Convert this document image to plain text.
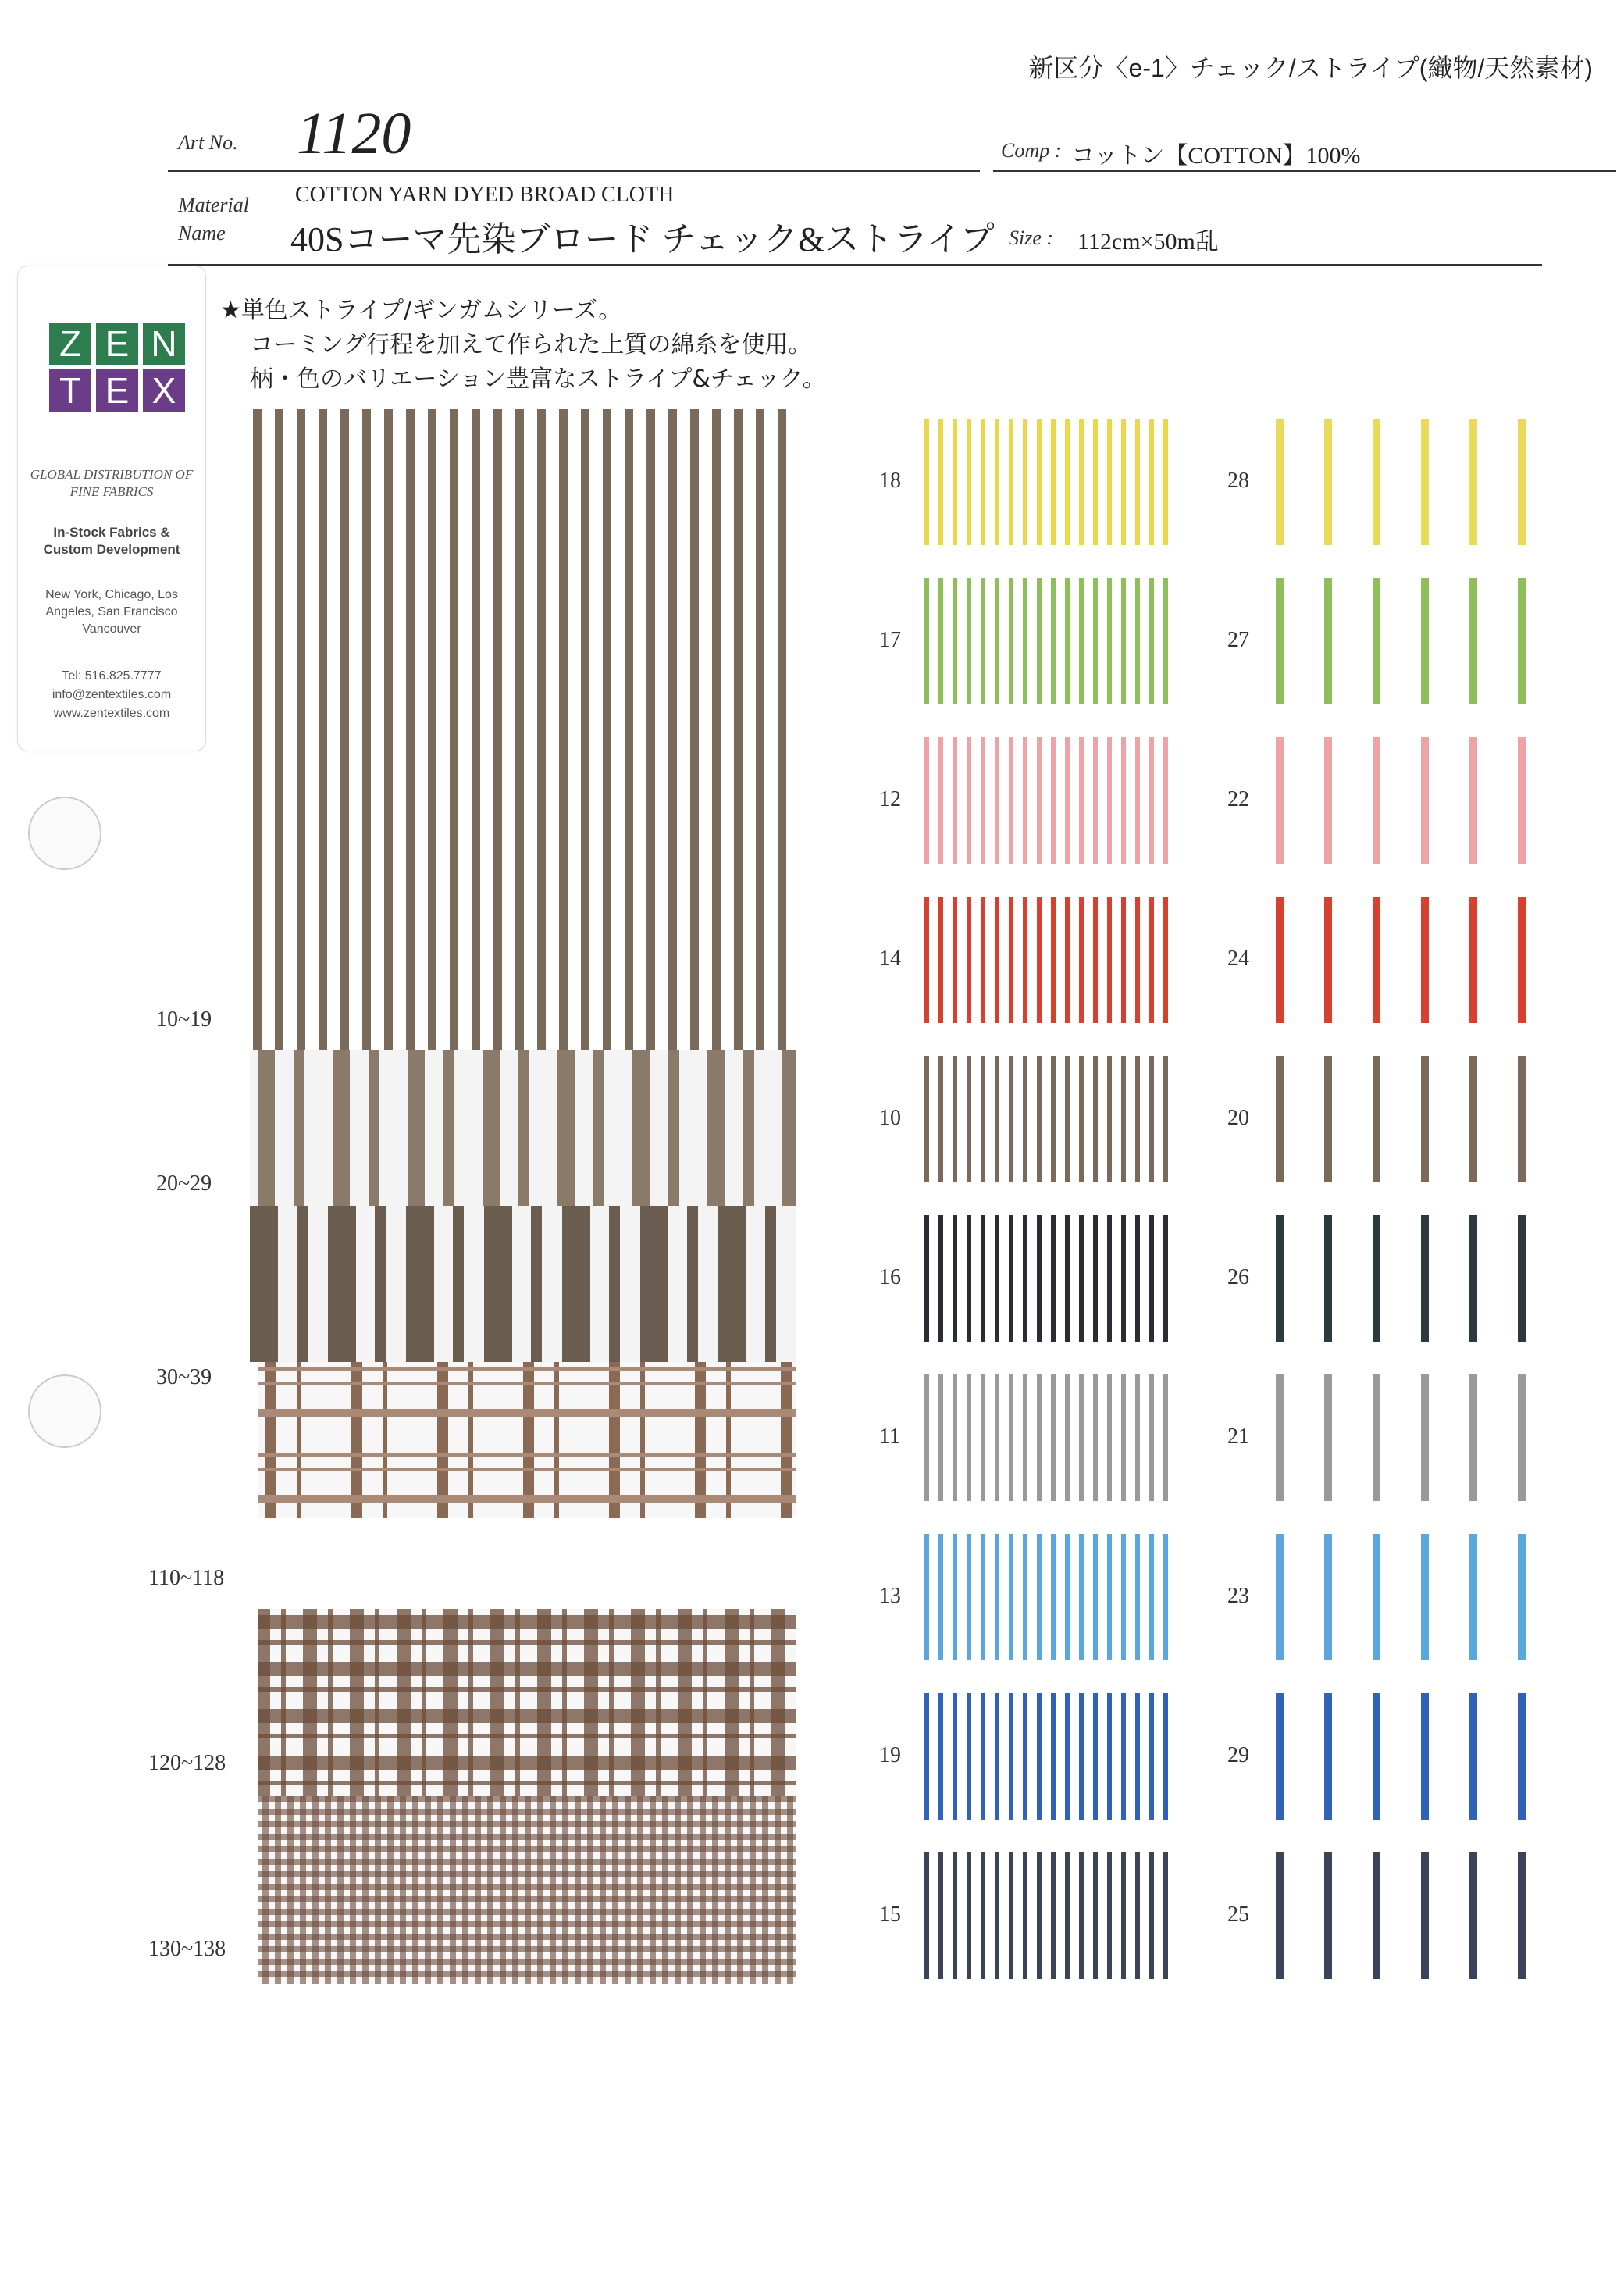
新区分〈e-1〉チェック/ストライプ(織物/天然素材)
Art No. 1120	Comp : コットン【COTTON】100%
Material
Name
COTTON YARN DYED BROAD CLOTH
40Sコーマ先染ブロード チェック&ストライプ Size : 112cm×50m乱
★単色ストライプ/ギンガムシリーズ。
コーミング行程を加えて作られた上質の綿糸を使用。
柄・色のバリエーション豊富なストライプ&チェック。
Z E N
T E X
GLOBAL DISTRIBUTION OF FINE FABRICS
In-Stock Fabrics & Custom Development
New York, Chicago, Los Angeles, San Francisco Vancouver
Tel: 516.825.7777
info@zentextiles.com
www.zentextiles.com
10~19
20~29
30~39
110~118
120~128
130~138
18
17
12
14
10
16
11
13
19
15
28
27
22
24
20
26
21
23
29
25
